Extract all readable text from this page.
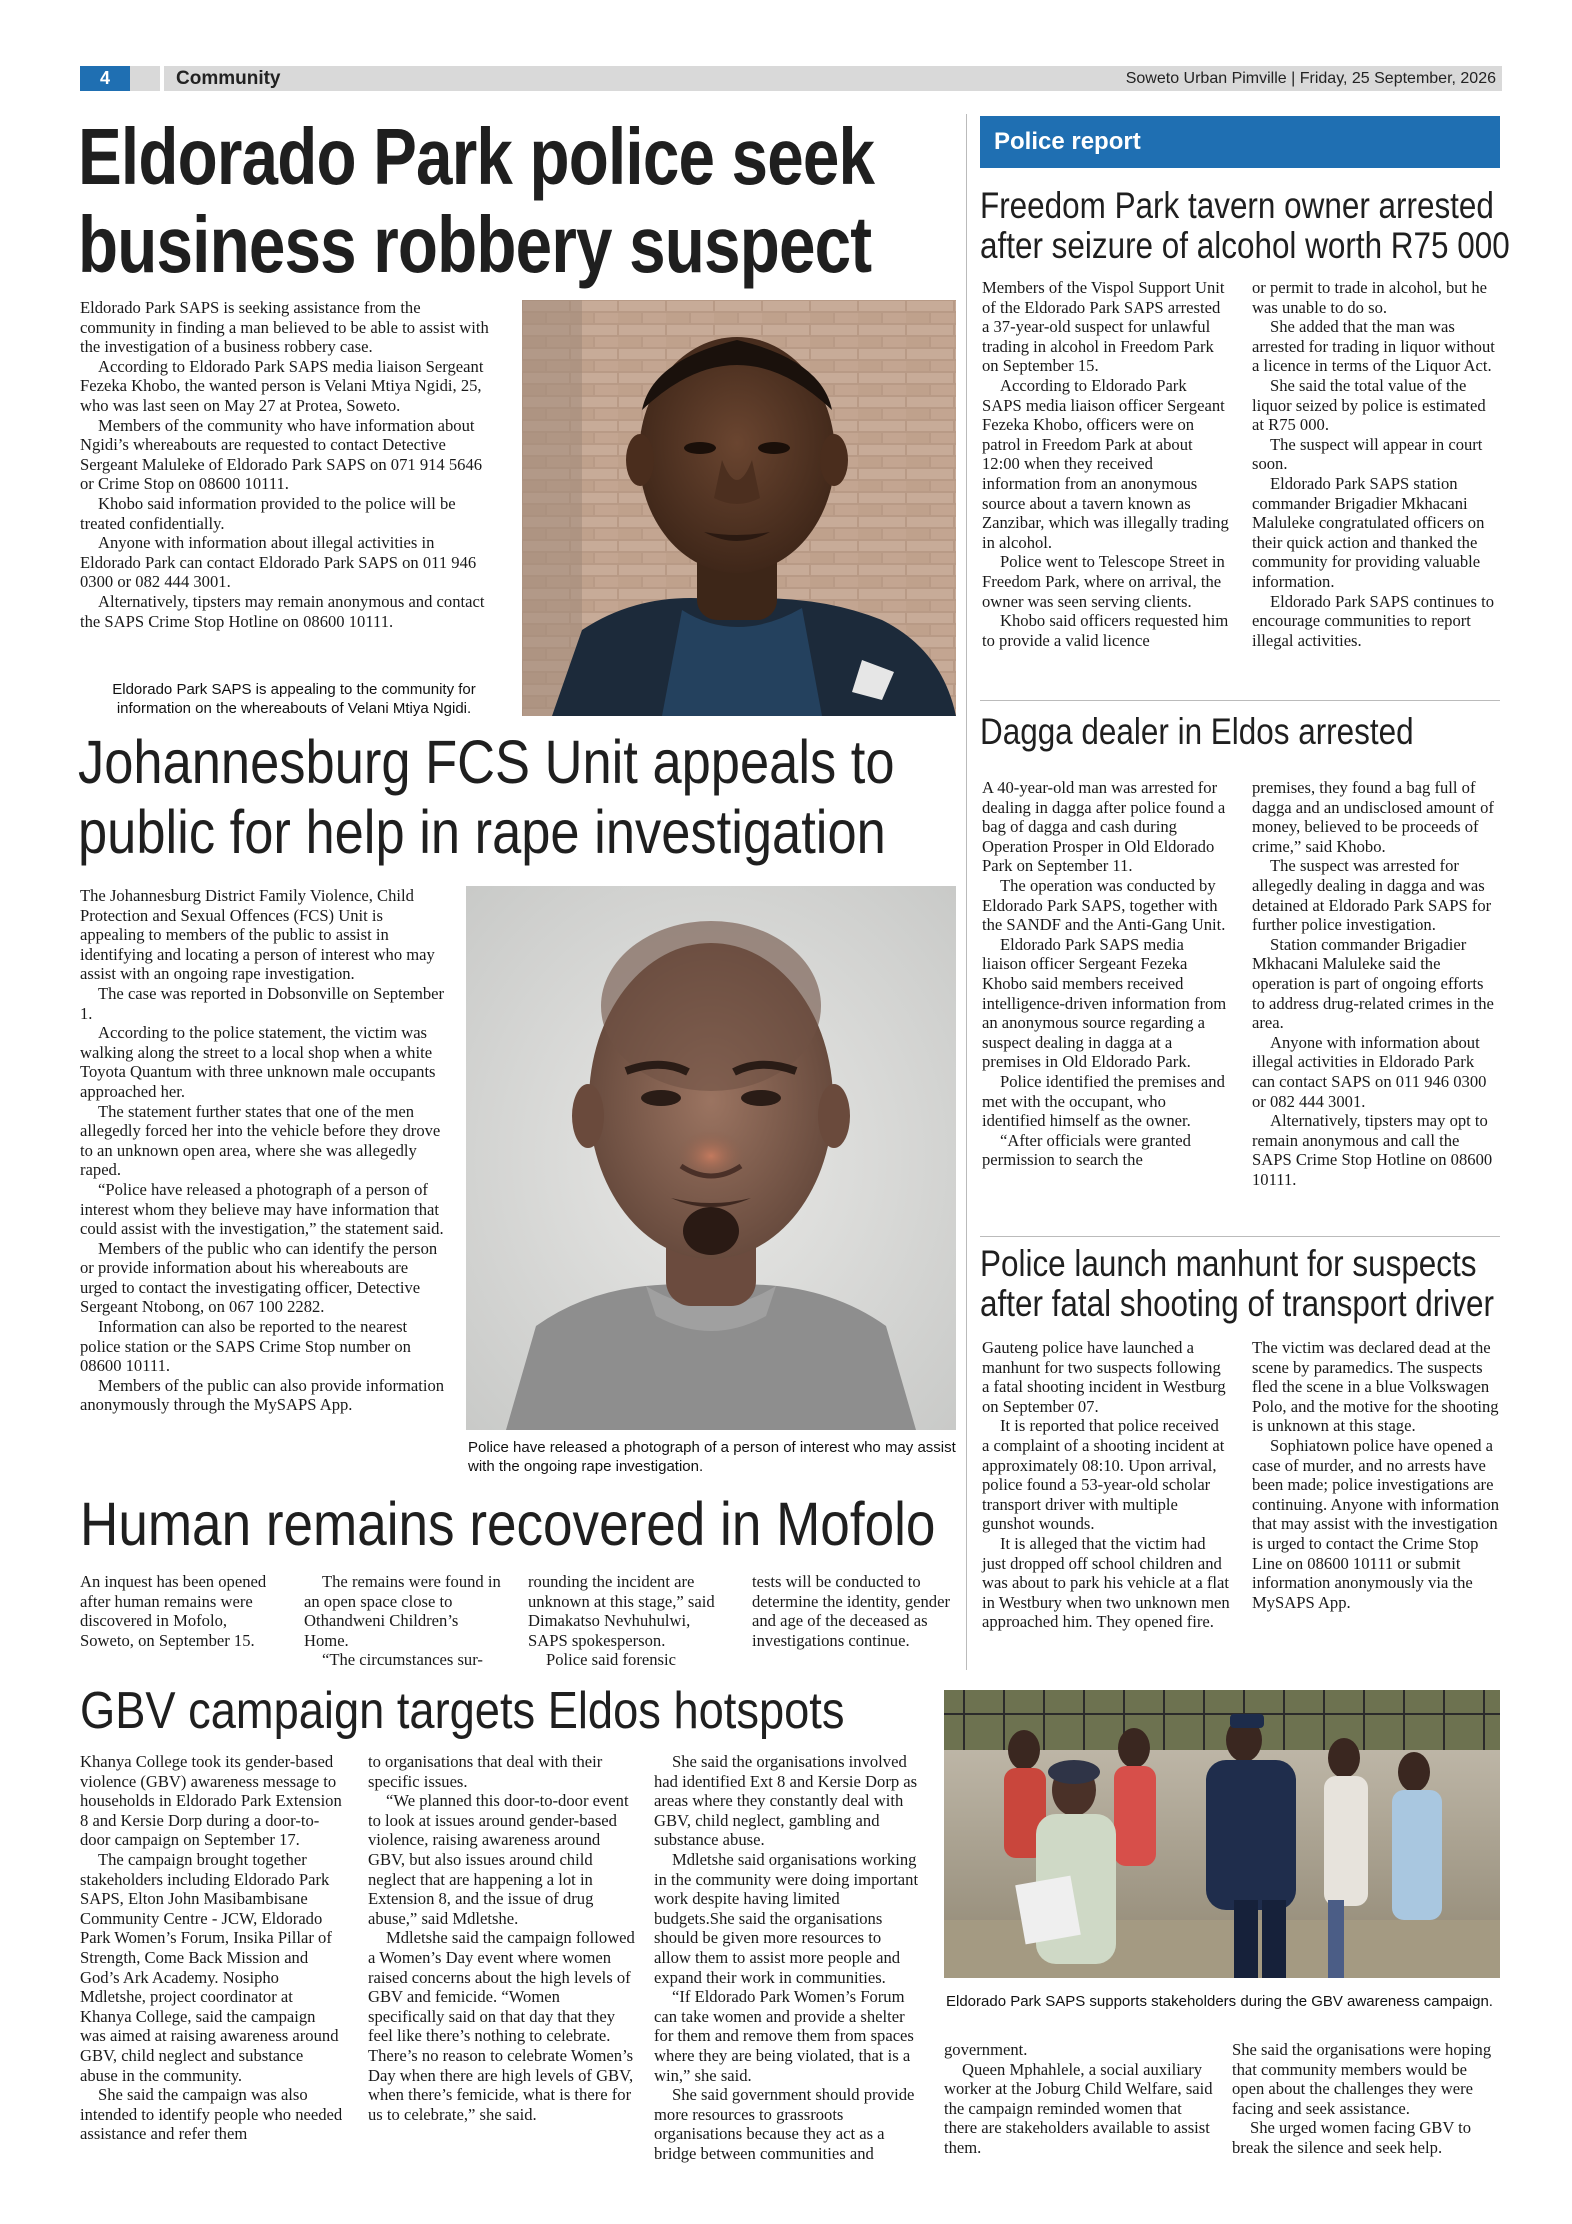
4	Community	Soweto Urban Pimville | Friday, 25 September, 2026
Eldorado Park police seek
business robbery suspect

Eldorado Park SAPS is seeking assistance from the community in finding a man believed to be able to assist with the investigation of a business robbery case.

According to Eldorado Park SAPS media liaison Sergeant Fezeka Khobo, the wanted person is Velani Mtiya Ngidi, 25, who was last seen on May 27 at Protea, Soweto.

Members of the community who have information about Ngidi’s whereabouts are requested to contact Detective Sergeant Maluleke of Eldorado Park SAPS on 071 914 5646 or Crime Stop on 08600 10111.

Khobo said information provided to the police will be treated confidentially.

Anyone with information about illegal activities in Eldorado Park can contact Eldorado Park SAPS on 011 946 0300 or 082 444 3001.

Alternatively, tipsters may remain anonymous and contact the SAPS Crime Stop Hotline on 08600 10111.

Eldorado Park SAPS is appealing to the community for information on the whereabouts of Velani Mtiya Ngidi.
Johannesburg FCS Unit appeals to
public for help in rape investigation

The Johannesburg District Family Violence, Child Protection and Sexual Offences (FCS) Unit is appealing to members of the public to assist in identifying and locating a person of interest who may assist with an ongoing rape investigation.

The case was reported in Dobsonville on September 1.

According to the police statement, the victim was walking along the street to a local shop when a white Toyota Quantum with three unknown male occupants approached her.

The statement further states that one of the men allegedly forced her into the vehicle before they drove to an unknown open area, where she was allegedly raped.

“Police have released a photograph of a person of interest whom they believe may have information that could assist with the investigation,” the statement said.

Members of the public who can identify the person or provide information about his whereabouts are urged to contact the investigating officer, Detective Sergeant Ntobong, on 067 100 2282.

Information can also be reported to the nearest police station or the SAPS Crime Stop number on 08600 10111.

Members of the public can also provide information anonymously through the MySAPS App.

Police have released a photograph of a person of interest who may assist with the ongoing rape investigation.
Human remains recovered in Mofolo

An inquest has been opened after human remains were discovered in Mofolo, Soweto, on September 15.

The remains were found in an open space close to Othandweni Children’s Home.

“The circumstances sur-

rounding the incident are unknown at this stage,” said Dimakatso Nevhuhulwi, SAPS spokesperson.

Police said forensic

tests will be conducted to determine the identity, gender and age of the deceased as investigations continue.

GBV campaign targets Eldos hotspots

Khanya College took its gender-based violence (GBV) awareness message to households in Eldorado Park Extension 8 and Kersie Dorp during a door-to-door campaign on September 17.

The campaign brought together stakeholders including Eldorado Park SAPS, Elton John Masibambisane Community Centre - JCW, Eldorado Park Women’s Forum, Insika Pillar of Strength, Come Back Mission and God’s Ark Academy. Nosipho Mdletshe, project coordinator at Khanya College, said the campaign was aimed at raising awareness around GBV, child neglect and substance abuse in the community.

She said the campaign was also intended to identify people who needed assistance and refer them

to organisations that deal with their specific issues.

“We planned this door-to-door event to look at issues around gender-based violence, raising awareness around GBV, but also issues around child neglect that are happening a lot in Extension 8, and the issue of drug abuse,” said Mdletshe.

Mdletshe said the campaign followed a Women’s Day event where women raised concerns about the high levels of GBV and femicide. “Women specifically said on that day that they feel like there’s nothing to celebrate. There’s no reason to celebrate Women’s Day when there are high levels of GBV, when there’s femicide, what is there for us to celebrate,” she said.

She said the organisations involved had identified Ext 8 and Kersie Dorp as areas where they constantly deal with GBV, child neglect, gambling and substance abuse.

Mdletshe said organisations working in the community were doing important work despite having limited budgets.She said the organisations should be given more resources to allow them to assist more people and expand their work in communities.

“If Eldorado Park Women’s Forum can take women and provide a shelter for them and remove them from spaces where they are being violated, that is a win,” she said.

She said government should provide more resources to grassroots organisations because they act as a bridge between communities and

Eldorado Park SAPS supports stakeholders during the GBV awareness campaign.

government.

Queen Mphahlele, a social auxiliary worker at the Joburg Child Welfare, said the campaign reminded women that there are stakeholders available to assist them.

She said the organisations were hoping that community members would be open about the challenges they were facing and seek assistance.

She urged women facing GBV to break the silence and seek help.

Police report
Freedom Park tavern owner arrested
after seizure of alcohol worth R75 000

Members of the Vispol Support Unit of the Eldorado Park SAPS arrested a 37-year-old suspect for unlawful trading in alcohol in Freedom Park on September 15.

According to Eldorado Park SAPS media liaison officer Sergeant Fezeka Khobo, officers were on patrol in Freedom Park at about 12:00 when they received information from an anonymous source about a tavern known as Zanzibar, which was illegally trading in alcohol.

Police went to Telescope Street in Freedom Park, where on arrival, the owner was seen serving clients.

Khobo said officers requested him to provide a valid licence

or permit to trade in alcohol, but he was unable to do so.

She added that the man was arrested for trading in liquor without a licence in terms of the Liquor Act.

She said the total value of the liquor seized by police is estimated at R75 000.

The suspect will appear in court soon.

Eldorado Park SAPS station commander Brigadier Mkhacani Maluleke congratulated officers on their quick action and thanked the community for providing valuable information.

Eldorado Park SAPS continues to encourage communities to report illegal activities.

Dagga dealer in Eldos arrested

A 40-year-old man was arrested for dealing in dagga after police found a bag of dagga and cash during Operation Prosper in Old Eldorado Park on September 11.

The operation was conducted by Eldorado Park SAPS, together with the SANDF and the Anti-Gang Unit.

Eldorado Park SAPS media liaison officer Sergeant Fezeka Khobo said members received intelligence-driven information from an anonymous source regarding a suspect dealing in dagga at a premises in Old Eldorado Park.

Police identified the premises and met with the occupant, who identified himself as the owner.

“After officials were granted permission to search the

premises, they found a bag full of dagga and an undisclosed amount of money, believed to be proceeds of crime,” said Khobo.

The suspect was arrested for allegedly dealing in dagga and was detained at Eldorado Park SAPS for further police investigation.

Station commander Brigadier Mkhacani Maluleke said the operation is part of ongoing efforts to address drug-related crimes in the area.

Anyone with information about illegal activities in Eldorado Park can contact SAPS on 011 946 0300 or 082 444 3001.

Alternatively, tipsters may opt to remain anonymous and call the SAPS Crime Stop Hotline on 08600 10111.

Police launch manhunt for suspects
after fatal shooting of transport driver

Gauteng police have launched a manhunt for two suspects following a fatal shooting incident in Westburg on September 07.

It is reported that police received a complaint of a shooting incident at approximately 08:10. Upon arrival, police found a 53-year-old scholar transport driver with multiple gunshot wounds.

It is alleged that the victim had just dropped off school children and was about to park his vehicle at a flat in Westbury when two unknown men approached him. They opened fire.

The victim was declared dead at the scene by paramedics. The suspects fled the scene in a blue Volkswagen Polo, and the motive for the shooting is unknown at this stage.

Sophiatown police have opened a case of murder, and no arrests have been made; police investigations are continuing. Anyone with information that may assist with the investigation is urged to contact the Crime Stop Line on 08600 10111 or submit information anonymously via the MySAPS App.
